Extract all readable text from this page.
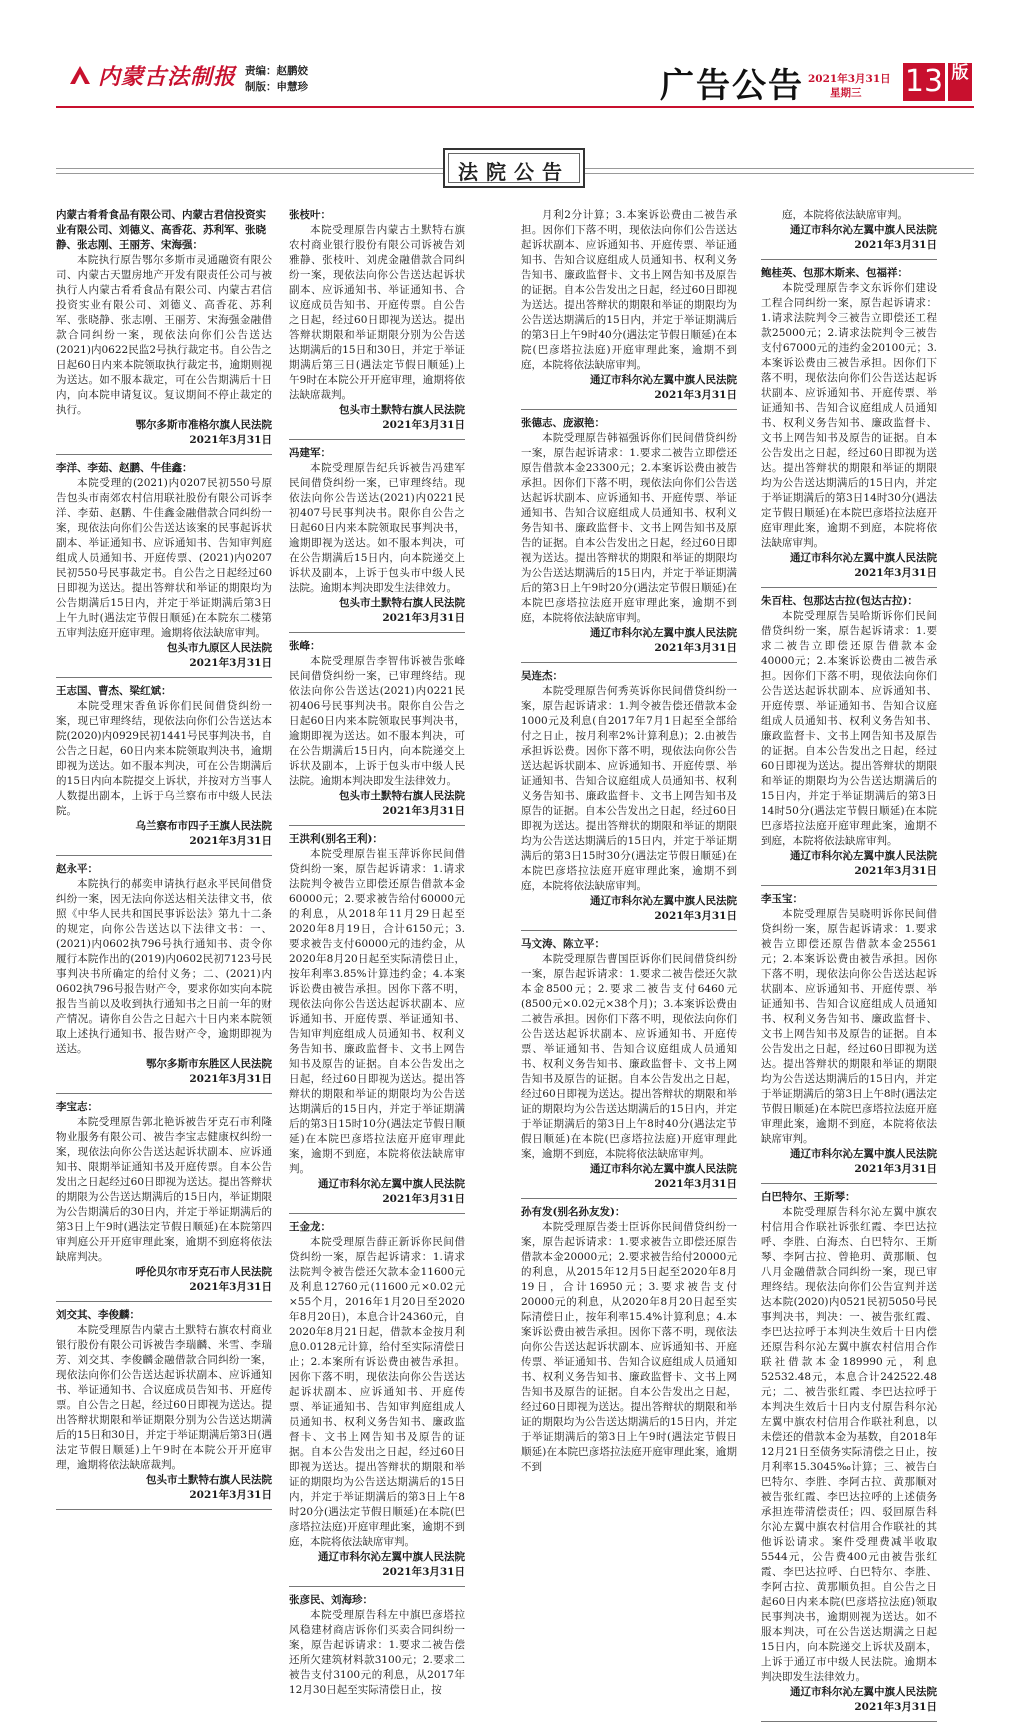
内蒙古法制报 责编：赵鹏姣
制版：申慧珍	广告公告 2021年3月31日
星期三	13 版
法院公告

内蒙古肴肴食品有限公司、内蒙古君信投资实业有限公司、刘德义、高香花、苏利军、张晓静、张志刚、王丽芳、宋海强：

本院执行原告鄂尔多斯市灵通融资有限公司、内蒙古天盟房地产开发有限责任公司与被执行人内蒙古肴肴食品有限公司、内蒙古君信投资实业有限公司、刘德义、高香花、苏利军、张晓静、张志刚、王丽芳、宋海强金融借款合同纠纷一案，现依法向你们公告送达(2021)内0622民监2号执行裁定书。自公告之日起60日内来本院领取执行裁定书，逾期则视为送达。如不服本裁定，可在公告期满后十日内，向本院申请复议。复议期间不停止裁定的执行。

鄂尔多斯市准格尔旗人民法院

2021年3月31日

李洋、李茹、赵鹏、牛佳鑫：

本院受理的(2021)内0207民初550号原告包头市南郊农村信用联社股份有限公司诉李洋、李茹、赵鹏、牛佳鑫金融借款合同纠纷一案，现依法向你们公告送达该案的民事起诉状副本、举证通知书、应诉通知书、告知审判庭组成人员通知书、开庭传票、(2021)内0207民初550号民事裁定书。自公告之日起经过60日即视为送达。提出答辩状和举证的期限均为公告期满后15日内，并定于举证期满后第3日上午九时(遇法定节假日顺延)在本院东二楼第五审判法庭开庭审理。逾期将依法缺席审判。

包头市九原区人民法院

2021年3月31日

王志国、曹杰、梁红斌：

本院受理宋香鱼诉你们民间借贷纠纷一案，现已审理终结，现依法向你们公告送达本院(2020)内0929民初1441号民事判决书，自公告之日起，60日内来本院领取判决书，逾期即视为送达。如不服本判决，可在公告期满后的15日内向本院提交上诉状，并按对方当事人人数提出副本，上诉于乌兰察布市中级人民法院。

乌兰察布市四子王旗人民法院

2021年3月31日

赵永平：

本院执行的郝奕申请执行赵永平民间借贷纠纷一案，因无法向你送达相关法律文书，依照《中华人民共和国民事诉讼法》第九十二条的规定，向你公告送达以下法律文书：一、(2021)内0602执796号执行通知书、责令你履行本院作出的(2019)内0602民初7123号民事判决书所确定的给付义务；二、(2021)内0602执796号报告财产令，要求你如实向本院报告当前以及收到执行通知书之日前一年的财产情况。请你自公告之日起六十日内来本院领取上述执行通知书、报告财产令，逾期即视为送达。

鄂尔多斯市东胜区人民法院

2021年3月31日

李宝志：

本院受理原告郭北艳诉被告牙克石市利隆物业服务有限公司、被告李宝志健康权纠纷一案，现依法向你公告送达起诉状副本、应诉通知书、限期举证通知书及开庭传票。自本公告发出之日起经过60日即视为送达。提出答辩状的期限为公告送达期满后的15日内，举证期限为公告期满后的30日内，并定于举证期满后的第3日上午9时(遇法定节假日顺延)在本院第四审判庭公开开庭审理此案，逾期不到庭将依法缺席判决。

呼伦贝尔市牙克石市人民法院

2021年3月31日

刘交其、李俊麟：

本院受理原告内蒙古土默特右旗农村商业银行股份有限公司诉被告李瑞麟、米雪、李瑞芳、刘交其、李俊麟金融借款合同纠纷一案，现依法向你们公告送达起诉状副本、应诉通知书、举证通知书、合议庭成员告知书、开庭传票。自公告之日起，经过60日即视为送达。提出答辩状期限和举证期限分别为公告送达期满后的15日和30日，并定于举证期满后第3日(遇法定节假日顺延)上午9时在本院公开开庭审理，逾期将依法缺席裁判。

包头市土默特右旗人民法院

2021年3月31日

张枝叶：

本院受理原告内蒙古土默特右旗农村商业银行股份有限公司诉被告刘雅静、张枝叶、刘虎金融借款合同纠纷一案，现依法向你公告送达起诉状副本、应诉通知书、举证通知书、合议庭成员告知书、开庭传票。自公告之日起，经过60日即视为送达。提出答辩状期限和举证期限分别为公告送达期满后的15日和30日，并定于举证期满后第三日(遇法定节假日顺延)上午9时在本院公开开庭审理，逾期将依法缺席裁判。

包头市土默特右旗人民法院

2021年3月31日

冯建军：

本院受理原告纪兵诉被告冯建军民间借贷纠纷一案，已审理终结。现依法向你公告送达(2021)内0221民初407号民事判决书。限你自公告之日起60日内来本院领取民事判决书，逾期即视为送达。如不服本判决，可在公告期满后15日内，向本院递交上诉状及副本，上诉于包头市中级人民法院。逾期本判决即发生法律效力。

包头市土默特右旗人民法院

2021年3月31日

张峰：

本院受理原告李智伟诉被告张峰民间借贷纠纷一案，已审理终结。现依法向你公告送达(2021)内0221民初406号民事判决书。限你自公告之日起60日内来本院领取民事判决书，逾期即视为送达。如不服本判决，可在公告期满后15日内，向本院递交上诉状及副本，上诉于包头市中级人民法院。逾期本判决即发生法律效力。

包头市土默特右旗人民法院

2021年3月31日

王洪利(别名王利)：

本院受理原告崔玉萍诉你民间借贷纠纷一案，原告起诉请求：1.请求法院判令被告立即偿还原告借款本金60000元；2.要求被告给付60000元的利息，从2018年11月29日起至2020年8月19日，合计6150元；3.要求被告支付60000元的违约金，从2020年8月20日起至实际清偿日止，按年利率3.85%计算违约金；4.本案诉讼费由被告承担。因你下落不明，现依法向你公告送达起诉状副本、应诉通知书、开庭传票、举证通知书、告知审判庭组成人员通知书、权利义务告知书、廉政监督卡、文书上网告知书及原告的证据。自本公告发出之日起，经过60日即视为送达。提出答辩状的期限和举证的期限均为公告送达期满后的15日内，并定于举证期满后的第3日15时10分(遇法定节假日顺延)在本院巴彦塔拉法庭开庭审理此案，逾期不到庭，本院将依法缺席审判。

通辽市科尔沁左翼中旗人民法院

2021年3月31日

王金龙：

本院受理原告薛正新诉你民间借贷纠纷一案，原告起诉请求：1.请求法院判令被告偿还欠款本金11600元及利息12760元(11600元×0.02元×55个月，2016年1月20日至2020年8月20日)，本息合计24360元，自2020年8月21日起，借款本金按月利息0.0128元计算，给付至实际清偿日止；2.本案所有诉讼费由被告承担。因你下落不明，现依法向你公告送达起诉状副本、应诉通知书、开庭传票、举证通知书、告知审判庭组成人员通知书、权利义务告知书、廉政监督卡、文书上网告知书及原告的证据。自本公告发出之日起，经过60日即视为送达。提出答辩状的期限和举证的期限均为公告送达期满后的15日内，并定于举证期满后的第3日上午8时20分(遇法定节假日顺延)在本院(巴彦塔拉法庭)开庭审理此案，逾期不到庭，本院将依法缺席审判。

通辽市科尔沁左翼中旗人民法院

2021年3月31日

张彦民、刘海珍：

本院受理原告科左中旗巴彦塔拉风稳建材商店诉你们买卖合同纠纷一案，原告起诉请求：1.要求二被告偿还所欠建筑材料款3100元；2.要求二被告支付3100元的利息，从2017年12月30日起至实际清偿日止，按

月利2分计算；3.本案诉讼费由二被告承担。因你们下落不明，现依法向你们公告送达起诉状副本、应诉通知书、开庭传票、举证通知书、告知合议庭组成人员通知书、权利义务告知书、廉政监督卡、文书上网告知书及原告的证据。自本公告发出之日起，经过60日即视为送达。提出答辩状的期限和举证的期限均为公告送达期满后的15日内，并定于举证期满后的第3日上午9时40分(遇法定节假日顺延)在本院(巴彦塔拉法庭)开庭审理此案，逾期不到庭，本院将依法缺席审判。

通辽市科尔沁左翼中旗人民法院

2021年3月31日

张德志、庞淑艳：

本院受理原告韩福强诉你们民间借贷纠纷一案，原告起诉请求：1.要求二被告立即偿还原告借款本金23300元；2.本案诉讼费由被告承担。因你们下落不明，现依法向你们公告送达起诉状副本、应诉通知书、开庭传票、举证通知书、告知合议庭组成人员通知书、权利义务告知书、廉政监督卡、文书上网告知书及原告的证据。自本公告发出之日起，经过60日即视为送达。提出答辩状的期限和举证的期限均为公告送达期满后的15日内，并定于举证期满后的第3日上午9时20分(遇法定节假日顺延)在本院巴彦塔拉法庭开庭审理此案，逾期不到庭，本院将依法缺席审判。

通辽市科尔沁左翼中旗人民法院

2021年3月31日

吴连杰：

本院受理原告何秀英诉你民间借贷纠纷一案，原告起诉请求：1.判令被告偿还借款本金1000元及利息(自2017年7月1日起至全部给付之日止，按月利率2%计算利息)；2.由被告承担诉讼费。因你下落不明，现依法向你公告送达起诉状副本、应诉通知书、开庭传票、举证通知书、告知合议庭组成人员通知书、权利义务告知书、廉政监督卡、文书上网告知书及原告的证据。自本公告发出之日起，经过60日即视为送达。提出答辩状的期限和举证的期限均为公告送达期满后的15日内，并定于举证期满后的第3日15时30分(遇法定节假日顺延)在本院巴彦塔拉法庭开庭审理此案，逾期不到庭，本院将依法缺席审判。

通辽市科尔沁左翼中旗人民法院

2021年3月31日

马文涛、陈立平：

本院受理原告曹国臣诉你们民间借贷纠纷一案，原告起诉请求：1.要求二被告偿还欠款本金8500元；2.要求二被告支付6460元(8500元×0.02元×38个月)；3.本案诉讼费由二被告承担。因你们下落不明，现依法向你们公告送达起诉状副本、应诉通知书、开庭传票、举证通知书、告知合议庭组成人员通知书、权利义务告知书、廉政监督卡、文书上网告知书及原告的证据。自本公告发出之日起，经过60日即视为送达。提出答辩状的期限和举证的期限均为公告送达期满后的15日内，并定于举证期满后的第3日上午8时40分(遇法定节假日顺延)在本院(巴彦塔拉法庭)开庭审理此案，逾期不到庭，本院将依法缺席审判。

通辽市科尔沁左翼中旗人民法院

2021年3月31日

孙有发(别名孙友发)：

本院受理原告娄士臣诉你民间借贷纠纷一案，原告起诉请求：1.要求被告立即偿还原告借款本金20000元；2.要求被告给付20000元的利息，从2015年12月5日起至2020年8月19日，合计16950元；3.要求被告支付20000元的利息，从2020年8月20日起至实际清偿日止，按年利率15.4%计算利息；4.本案诉讼费由被告承担。因你下落不明，现依法向你公告送达起诉状副本、应诉通知书、开庭传票、举证通知书、告知合议庭组成人员通知书、权利义务告知书、廉政监督卡、文书上网告知书及原告的证据。自本公告发出之日起，经过60日即视为送达。提出答辩状的期限和举证的期限均为公告送达期满后的15日内，并定于举证期满后的第3日上午9时(遇法定节假日顺延)在本院巴彦塔拉法庭开庭审理此案，逾期不到

庭，本院将依法缺席审判。

通辽市科尔沁左翼中旗人民法院

2021年3月31日

鲍桂英、包那木斯来、包福祥：

本院受理原告李文东诉你们建设工程合同纠纷一案，原告起诉请求：1.请求法院判令三被告立即偿还工程款25000元；2.请求法院判令三被告支付67000元的违约金20100元；3.本案诉讼费由三被告承担。因你们下落不明，现依法向你们公告送达起诉状副本、应诉通知书、开庭传票、举证通知书、告知合议庭组成人员通知书、权利义务告知书、廉政监督卡、文书上网告知书及原告的证据。自本公告发出之日起，经过60日即视为送达。提出答辩状的期限和举证的期限均为公告送达期满后的15日内，并定于举证期满后的第3日14时30分(遇法定节假日顺延)在本院巴彦塔拉法庭开庭审理此案，逾期不到庭，本院将依法缺席审判。

通辽市科尔沁左翼中旗人民法院

2021年3月31日

朱百柱、包那达古拉(包达古拉)：

本院受理原告吴哈斯诉你们民间借贷纠纷一案，原告起诉请求：1.要求二被告立即偿还原告借款本金40000元；2.本案诉讼费由二被告承担。因你们下落不明，现依法向你们公告送达起诉状副本、应诉通知书、开庭传票、举证通知书、告知合议庭组成人员通知书、权利义务告知书、廉政监督卡、文书上网告知书及原告的证据。自本公告发出之日起，经过60日即视为送达。提出答辩状的期限和举证的期限均为公告送达期满后的15日内，并定于举证期满后的第3日14时50分(遇法定节假日顺延)在本院巴彦塔拉法庭开庭审理此案，逾期不到庭，本院将依法缺席审判。

通辽市科尔沁左翼中旗人民法院

2021年3月31日

李玉宝：

本院受理原告吴晓明诉你民间借贷纠纷一案，原告起诉请求：1.要求被告立即偿还原告借款本金25561元；2.本案诉讼费由被告承担。因你下落不明，现依法向你公告送达起诉状副本、应诉通知书、开庭传票、举证通知书、告知合议庭组成人员通知书、权利义务告知书、廉政监督卡、文书上网告知书及原告的证据。自本公告发出之日起，经过60日即视为送达。提出答辩状的期限和举证的期限均为公告送达期满后的15日内，并定于举证期满后的第3日上午8时(遇法定节假日顺延)在本院巴彦塔拉法庭开庭审理此案，逾期不到庭，本院将依法缺席审判。

通辽市科尔沁左翼中旗人民法院

2021年3月31日

白巴特尔、王斯琴：

本院受理原告科尔沁左翼中旗农村信用合作联社诉张红霞、李巴达拉呼、李胜、白海杰、白巴特尔、王斯琴、李阿古拉、曾艳玥、黄那顺、包八月金融借款合同纠纷一案，现已审理终结。现依法向你们公告宣判并送达本院(2020)内0521民初5050号民事判决书，判决：一、被告张红霞、李巴达拉呼于本判决生效后十日内偿还原告科尔沁左翼中旗农村信用合作联社借款本金189990元，利息52532.48元，本息合计242522.48元；二、被告张红霞、李巴达拉呼于本判决生效后十日内支付原告科尔沁左翼中旗农村信用合作联社利息，以未偿还的借款本金为基数，自2018年12月21日至债务实际清偿之日止，按月利率15.3045‰计算；三、被告白巴特尔、李胜、李阿古拉、黄那顺对被告张红霞、李巴达拉呼的上述债务承担连带清偿责任；四、驳回原告科尔沁左翼中旗农村信用合作联社的其他诉讼请求。案件受理费减半收取5544元，公告费400元由被告张红霞、李巴达拉呼、白巴特尔、李胜、李阿古拉、黄那顺负担。自公告之日起60日内来本院(巴彦塔拉法庭)领取民事判决书，逾期则视为送达。如不服本判决，可在公告送达期满之日起15日内，向本院递交上诉状及副本，上诉于通辽市中级人民法院。逾期本判决即发生法律效力。

通辽市科尔沁左翼中旗人民法院

2021年3月31日
